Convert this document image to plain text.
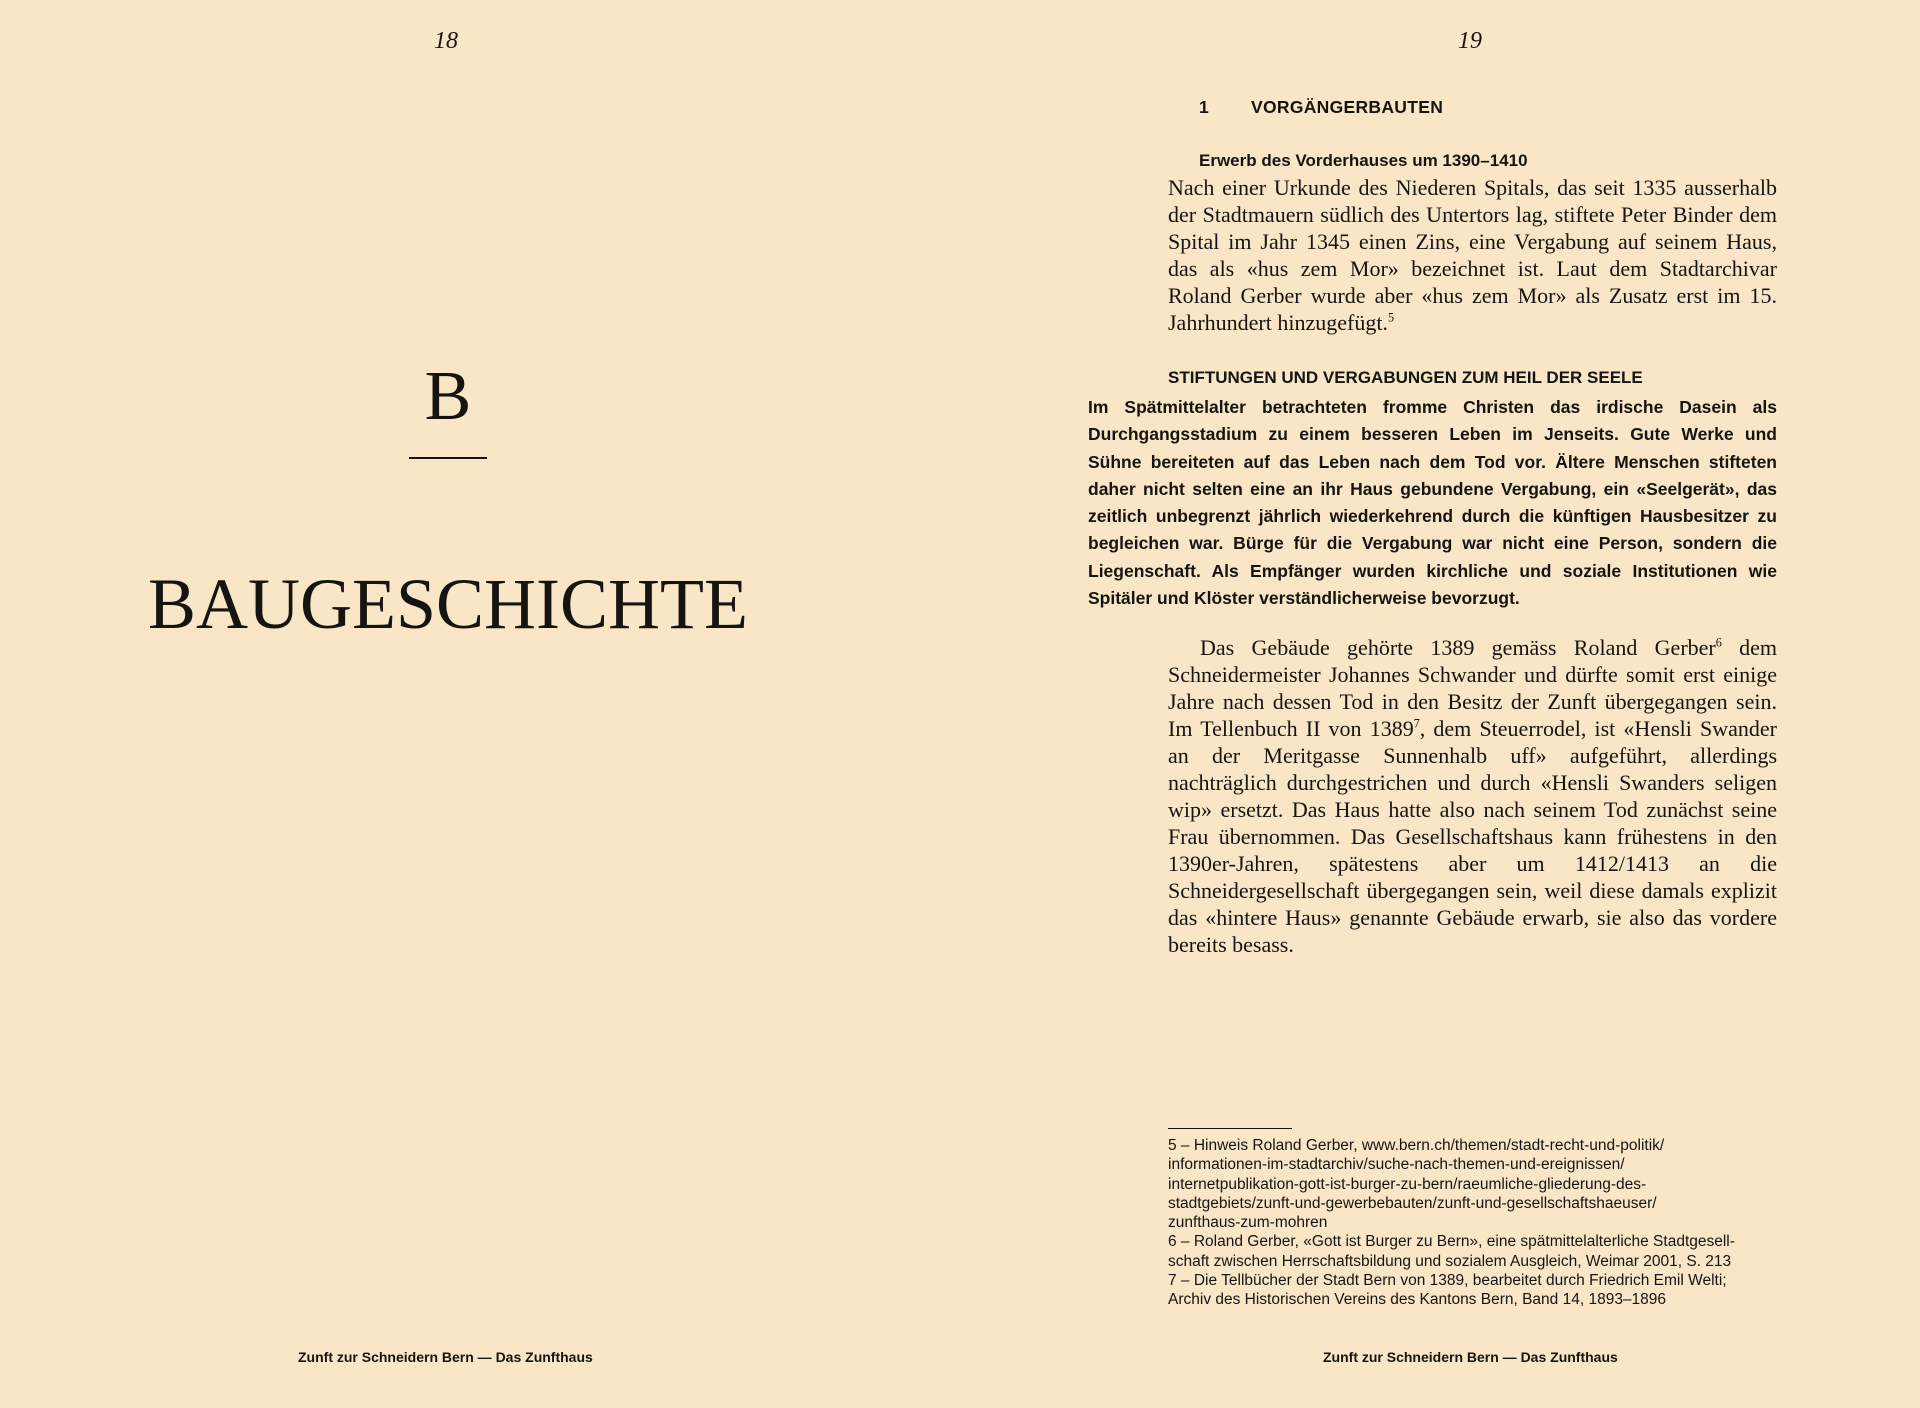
18
B
BAUGESCHICHTE
Zunft zur Schneidern Bern — Das Zunfthaus
19
1 VORGÄNGERBAUTEN
Erwerb des Vorderhauses um 1390–1410
Nach einer Urkunde des Niederen Spitals, das seit 1335 ausserhalb der Stadtmauern südlich des Untertors lag, stiftete Peter Binder dem Spital im Jahr 1345 einen Zins, eine Vergabung auf seinem Haus, das als «hus zem Mor» bezeichnet ist. Laut dem Stadtarchivar Roland Gerber wurde aber «hus zem Mor» als Zusatz erst im 15. Jahrhundert hinzugefügt.$^5$
STIFTUNGEN UND VERGABUNGEN ZUM HEIL DER SEELE
Im Spätmittelalter betrachteten fromme Christen das irdische Dasein als Durchgangsstadium zu einem besseren Leben im Jenseits. Gute Werke und Sühne bereiteten auf das Leben nach dem Tod vor. Ältere Menschen stifteten daher nicht selten eine an ihr Haus gebundene Vergabung, ein «Seelgerät», das zeitlich unbegrenzt jährlich wiederkehrend durch die künftigen Hausbesitzer zu begleichen war. Bürge für die Vergabung war nicht eine Person, sondern die Liegenschaft. Als Empfänger wurden kirchliche und soziale Institutionen wie Spitäler und Klöster verständlicherweise bevorzugt.
Das Gebäude gehörte 1389 gemäss Roland Gerber$^6$ dem Schneidermeister Johannes Schwander und dürfte somit erst einige Jahre nach dessen Tod in den Besitz der Zunft übergegangen sein. Im Tellenbuch II von 1389$^7$, dem Steuerrodel, ist «Hensli Swander an der Meritgasse Sunnenhalb uff» aufgeführt, allerdings nachträglich durchgestrichen und durch «Hensli Swanders seligen wip» ersetzt. Das Haus hatte also nach seinem Tod zunächst seine Frau übernommen. Das Gesellschaftshaus kann frühestens in den 1390er-Jahren, spätestens aber um 1412/1413 an die Schneidergesellschaft übergegangen sein, weil diese damals explizit das «hintere Haus» genannte Gebäude erwarb, sie also das vordere bereits besass.
5 – Hinweis Roland Gerber, www.bern.ch/themen/stadt-recht-und-politik/
informationen-im-stadtarchiv/suche-nach-themen-und-ereignissen/
internetpublikation-gott-ist-burger-zu-bern/raeumliche-gliederung-des-
stadtgebiets/zunft-und-gewerbebauten/zunft-und-gesellschaftshaeuser/
zunfthaus-zum-mohren
6 – Roland Gerber, «Gott ist Burger zu Bern», eine spätmittelalterliche Stadtgesell-
schaft zwischen Herrschaftsbildung und sozialem Ausgleich, Weimar 2001, S. 213
7 – Die Tellbücher der Stadt Bern von 1389, bearbeitet durch Friedrich Emil Welti;
Archiv des Historischen Vereins des Kantons Bern, Band 14, 1893–1896
Zunft zur Schneidern Bern — Das Zunfthaus
